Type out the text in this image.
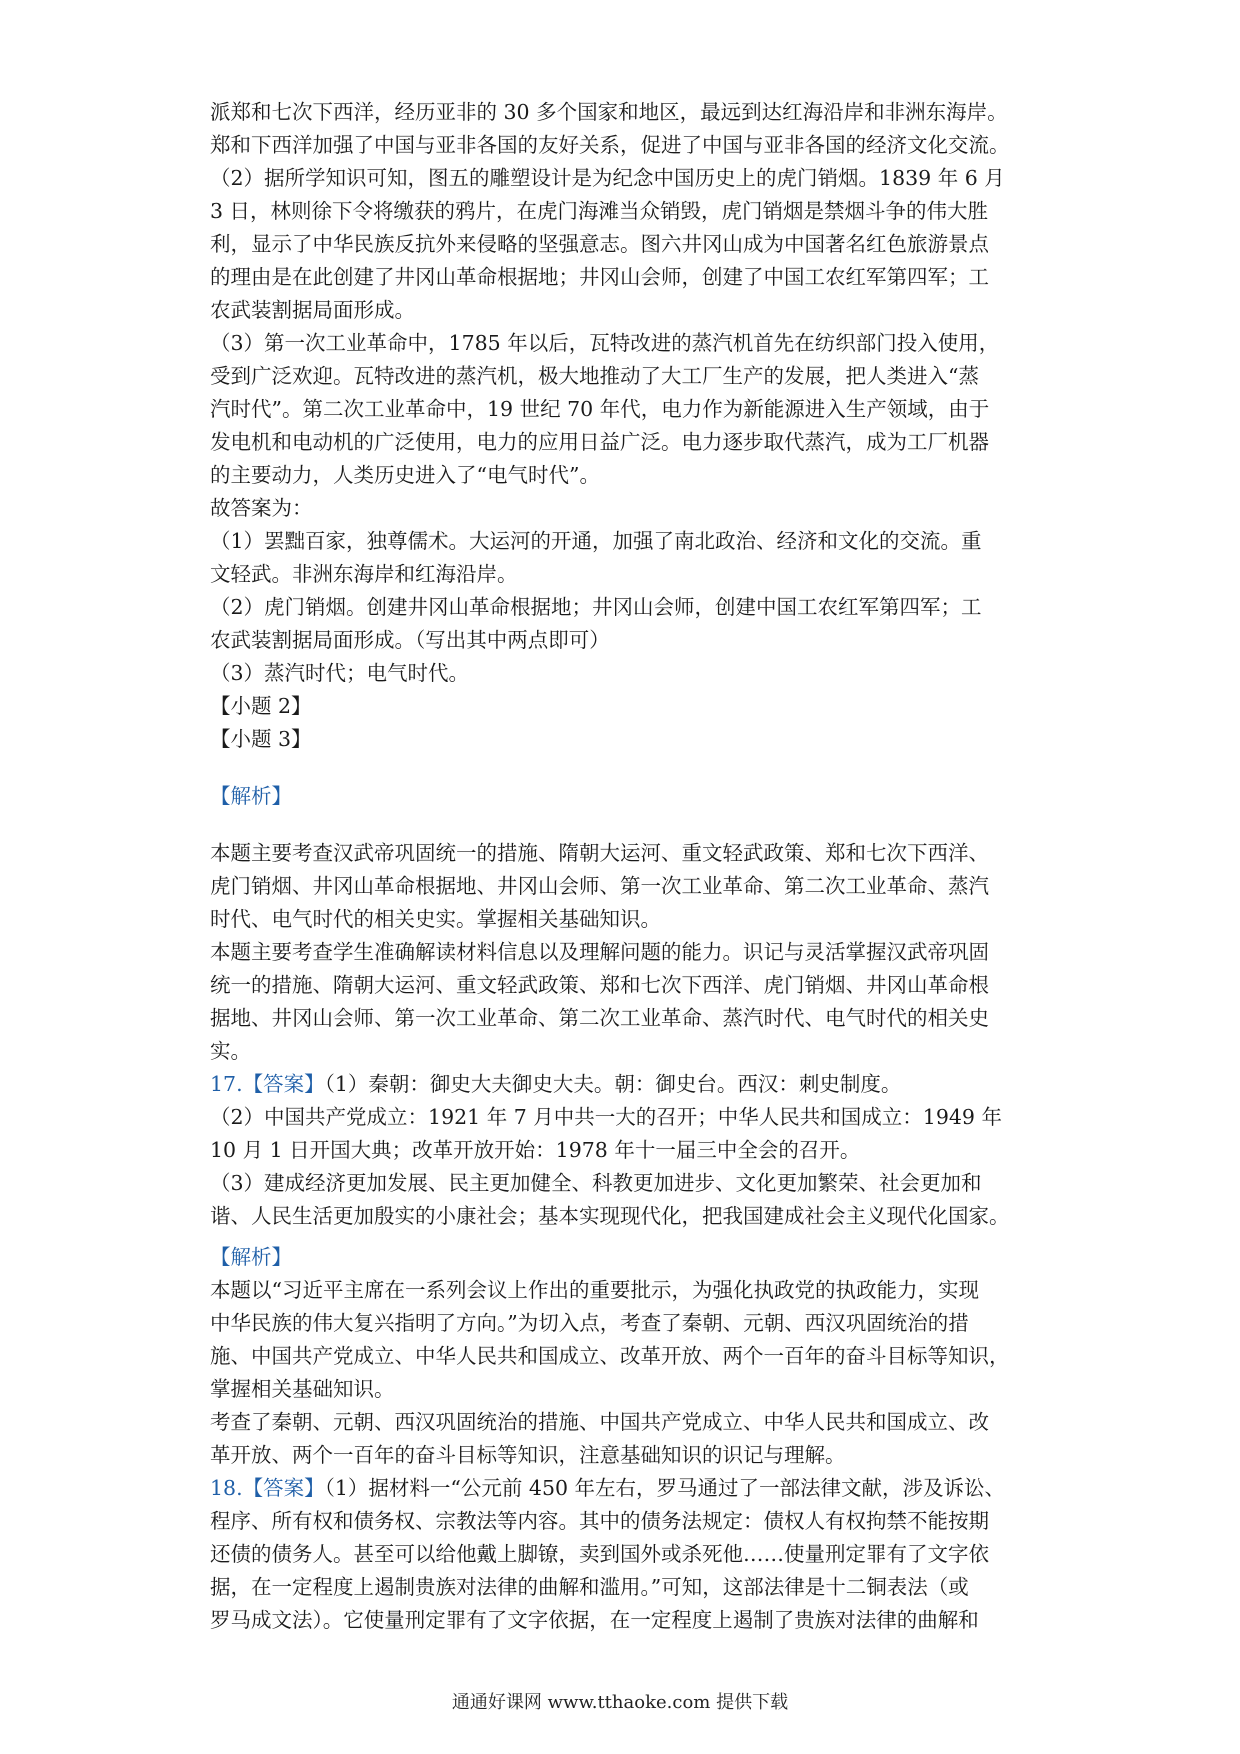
派郑和七次下西洋，经历亚非的 30 多个国家和地区，最远到达红海沿岸和非洲东海岸。
郑和下西洋加强了中国与亚非各国的友好关系，促进了中国与亚非各国的经济文化交流。
（2）据所学知识可知，图五的雕塑设计是为纪念中国历史上的虎门销烟。1839 年 6 月
3 日，林则徐下令将缴获的鸦片，在虎门海滩当众销毁，虎门销烟是禁烟斗争的伟大胜
利，显示了中华民族反抗外来侵略的坚强意志。图六井冈山成为中国著名红色旅游景点
的理由是在此创建了井冈山革命根据地；井冈山会师，创建了中国工农红军第四军；工
农武装割据局面形成。
（3）第一次工业革命中，1785 年以后，瓦特改进的蒸汽机首先在纺织部门投入使用，
受到广泛欢迎。瓦特改进的蒸汽机，极大地推动了大工厂生产的发展，把人类进入“蒸
汽时代”。第二次工业革命中，19 世纪 70 年代，电力作为新能源进入生产领域，由于
发电机和电动机的广泛使用，电力的应用日益广泛。电力逐步取代蒸汽，成为工厂机器
的主要动力，人类历史进入了“电气时代”。
故答案为：
（1）罢黜百家，独尊儒术。大运河的开通，加强了南北政治、经济和文化的交流。重
文轻武。非洲东海岸和红海沿岸。
（2）虎门销烟。创建井冈山革命根据地；井冈山会师，创建中国工农红军第四军；工
农武装割据局面形成。（写出其中两点即可）
（3）蒸汽时代；电气时代。
【小题 2】
【小题 3】
【解析】
本题主要考查汉武帝巩固统一的措施、隋朝大运河、重文轻武政策、郑和七次下西洋、
虎门销烟、井冈山革命根据地、井冈山会师、第一次工业革命、第二次工业革命、蒸汽
时代、电气时代的相关史实。掌握相关基础知识。
本题主要考查学生准确解读材料信息以及理解问题的能力。识记与灵活掌握汉武帝巩固
统一的措施、隋朝大运河、重文轻武政策、郑和七次下西洋、虎门销烟、井冈山革命根
据地、井冈山会师、第一次工业革命、第二次工业革命、蒸汽时代、电气时代的相关史
实。
17.【答案】（1）秦朝：御史大夫御史大夫。朝：御史台。西汉：刺史制度。
（2）中国共产党成立：1921 年 7 月中共一大的召开；中华人民共和国成立：1949 年
10 月 1 日开国大典；改革开放开始：1978 年十一届三中全会的召开。
（3）建成经济更加发展、民主更加健全、科教更加进步、文化更加繁荣、社会更加和
谐、人民生活更加殷实的小康社会；基本实现现代化，把我国建成社会主义现代化国家。
【解析】
本题以“习近平主席在一系列会议上作出的重要批示，为强化执政党的执政能力，实现
中华民族的伟大复兴指明了方向。”为切入点，考查了秦朝、元朝、西汉巩固统治的措
施、中国共产党成立、中华人民共和国成立、改革开放、两个一百年的奋斗目标等知识，
掌握相关基础知识。
考查了秦朝、元朝、西汉巩固统治的措施、中国共产党成立、中华人民共和国成立、改
革开放、两个一百年的奋斗目标等知识，注意基础知识的识记与理解。
18.【答案】（1）据材料一“公元前 450 年左右，罗马通过了一部法律文献，涉及诉讼、
程序、所有权和债务权、宗教法等内容。其中的债务法规定：债权人有权拘禁不能按期
还债的债务人。甚至可以给他戴上脚镣，卖到国外或杀死他……使量刑定罪有了文字依
据，在一定程度上遏制贵族对法律的曲解和滥用。”可知，这部法律是十二铜表法（或
罗马成文法）。它使量刑定罪有了文字依据，在一定程度上遏制了贵族对法律的曲解和
通通好课网 www.tthaoke.com 提供下载
